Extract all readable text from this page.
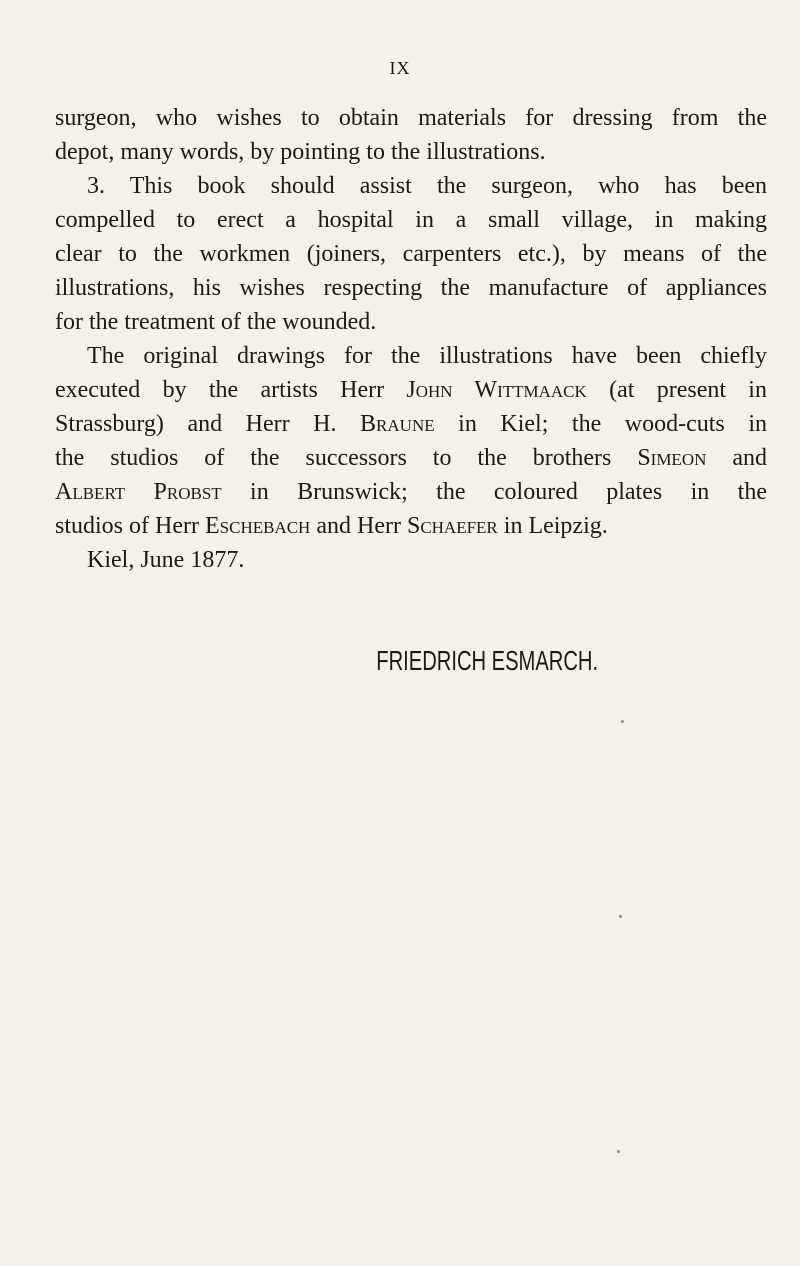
IX
surgeon, who wishes to obtain materials for dressing from the
depot, many words, by pointing to the illustrations.
3. This book should assist the surgeon, who has been
compelled to erect a hospital in a small village, in making
clear to the workmen (joiners, carpenters etc.), by means of the
illustrations, his wishes respecting the manufacture of appliances
for the treatment of the wounded.
The original drawings for the illustrations have been chiefly
executed by the artists Herr John Wittmaack (at present in
Strassburg) and Herr H. Braune in Kiel; the wood-cuts in
the studios of the successors to the brothers Simeon and
Albert Probst in Brunswick; the coloured plates in the
studios of Herr Eschebach and Herr Schaefer in Leipzig.
Kiel, June 1877.
FRIEDRICH ESMARCH.
